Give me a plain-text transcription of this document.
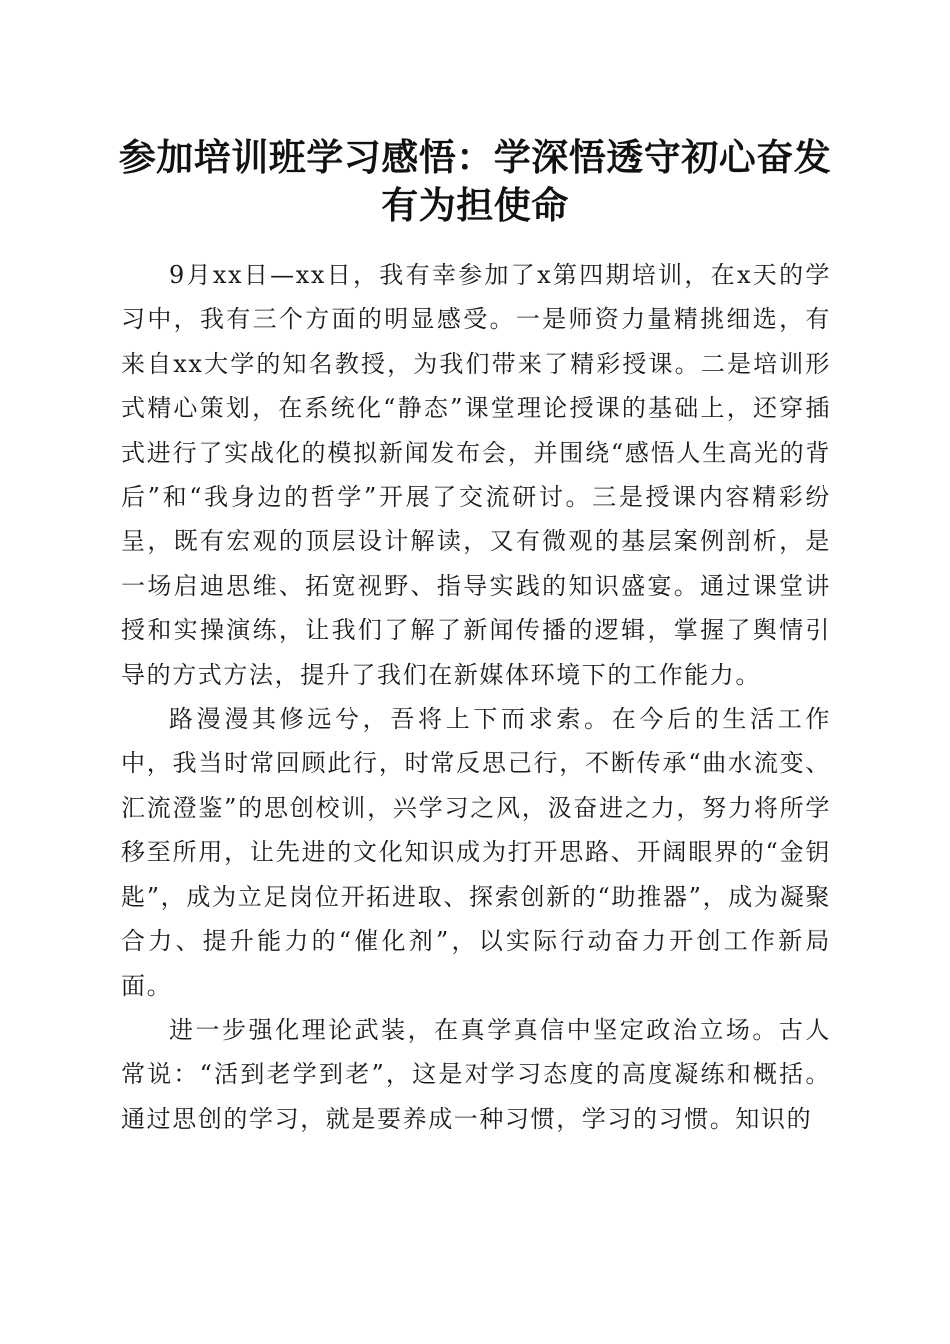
参加培训班学习感悟：学深悟透守初心奋发有为担使命

9月xx日—xx日，我有幸参加了x第四期培训，在x天的学习中，我有三个方面的明显感受。一是师资力量精挑细选，有来自xx大学的知名教授，为我们带来了精彩授课。二是培训形式精心策划，在系统化“静态”课堂理论授课的基础上，还穿插式进行了实战化的模拟新闻发布会，并围绕“感悟人生高光的背后”和“我身边的哲学”开展了交流研讨。三是授课内容精彩纷呈，既有宏观的顶层设计解读，又有微观的基层案例剖析，是一场启迪思维、拓宽视野、指导实践的知识盛宴。通过课堂讲授和实操演练，让我们了解了新闻传播的逻辑，掌握了舆情引导的方式方法，提升了我们在新媒体环境下的工作能力。

路漫漫其修远兮，吾将上下而求索。在今后的生活工作中，我当时常回顾此行，时常反思己行，不断传承“曲水流变、汇流澄鉴”的思创校训，兴学习之风，汲奋进之力，努力将所学移至所用，让先进的文化知识成为打开思路、开阔眼界的“金钥匙”，成为立足岗位开拓进取、探索创新的“助推器”，成为凝聚合力、提升能力的“催化剂”，以实际行动奋力开创工作新局面。

进一步强化理论武装，在真学真信中坚定政治立场。古人常说：“活到老学到老”，这是对学习态度的高度凝练和概括。通过思创的学习，就是要养成一种习惯，学习的习惯。知识的
